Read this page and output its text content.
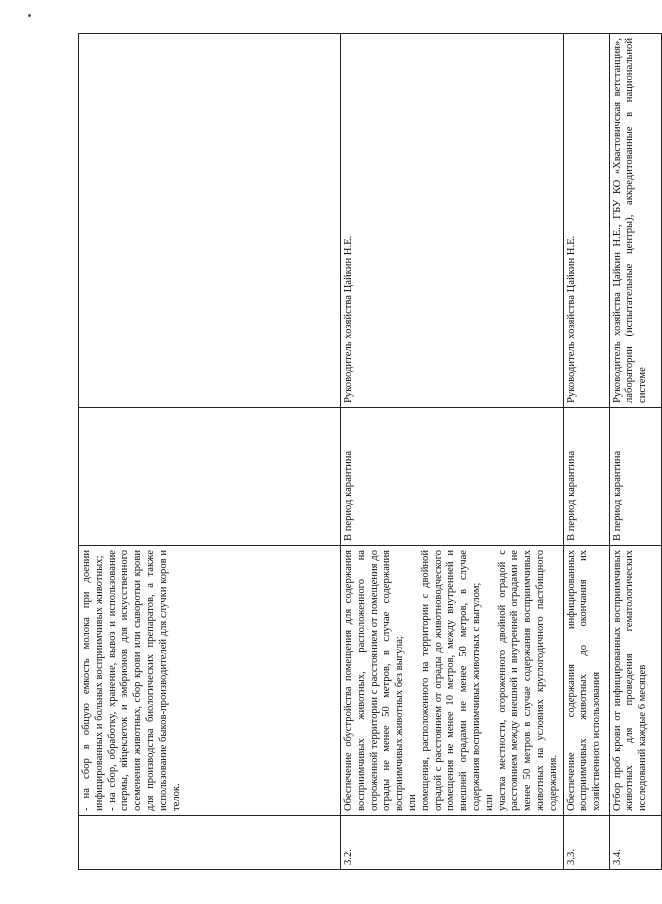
	- на сбор в общую емкость молока при доении инфицированных и больных восприимчивых животных; - на сбор, обработку, хранение, вывоз и использование спермы, яйцеклеток и эмбрионов для искусственного осеменения животных, сбор крови или сыворотки крови для производства биологических препаратов, а также использование быков-производителей для случки коров и телок.		

3.2.	Обеспечение обустройства помещения для содержания восприимчивых животных, расположенного на огороженной территории с расстоянием от помещения до ограды не менее 50 метров, в случае содержания восприимчивых животных без выгула; или помещения, расположенного на территории с двойной оградой с расстоянием от ограды до животноводческого помещения не менее 10 метров, между внутренней и внешней оградами не менее 50 метров, в случае содержания восприимчивых животных с выгулом; или участка местности, огороженного двойной оградой с расстоянием между внешней и внутренней оградами не менее 50 метров в случае содержания восприимчивых животных на условиях круглогодичного пастбищного содержания.	В период карантина	Руководитель хозяйства Цайкин Н.Е.
3.3.	Обеспечение содержания инфицированных восприимчивых животных до окончания их хозяйственного использования	В период карантина	Руководитель хозяйства Цайкин Н.Е.
3.4.	Отбор проб крови от инфицированных восприимчивых животных для проведения гематологических исследований каждые 6 месяцев	В период карантина	Руководитель хозяйства Цайкин Н.Е., ГБУ КО «Хвастовичская ветстанция», лаборатории (испытательные центры), аккредитованные в национальной системе
